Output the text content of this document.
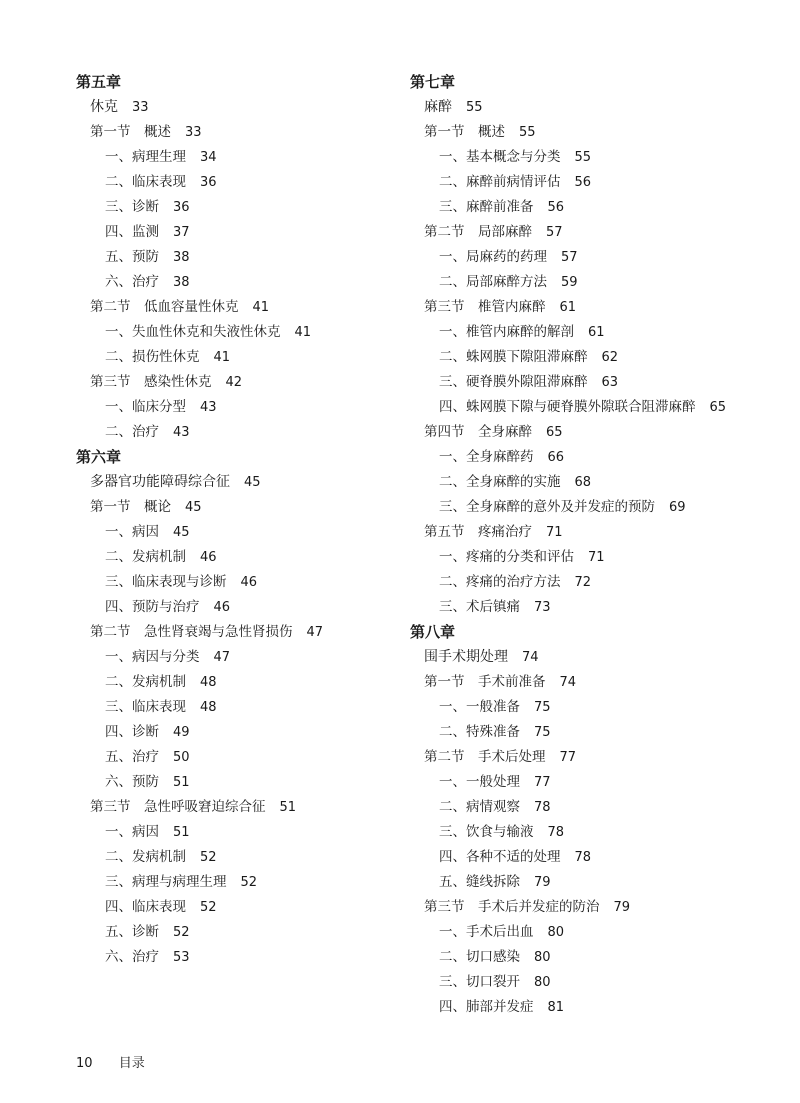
第五章
休克 33
第一节　概述 33
一、病理生理 34
二、临床表现 36
三、诊断 36
四、监测 37
五、预防 38
六、治疗 38
第二节　低血容量性休克 41
一、失血性休克和失液性休克 41
二、损伤性休克 41
第三节　感染性休克 42
一、临床分型 43
二、治疗 43
第六章
多器官功能障碍综合征 45
第一节　概论 45
一、病因 45
二、发病机制 46
三、临床表现与诊断 46
四、预防与治疗 46
第二节　急性肾衰竭与急性肾损伤 47
一、病因与分类 47
二、发病机制 48
三、临床表现 48
四、诊断 49
五、治疗 50
六、预防 51
第三节　急性呼吸窘迫综合征 51
一、病因 51
二、发病机制 52
三、病理与病理生理 52
四、临床表现 52
五、诊断 52
六、治疗 53
第七章
麻醉 55
第一节　概述 55
一、基本概念与分类 55
二、麻醉前病情评估 56
三、麻醉前准备 56
第二节　局部麻醉 57
一、局麻药的药理 57
二、局部麻醉方法 59
第三节　椎管内麻醉 61
一、椎管内麻醉的解剖 61
二、蛛网膜下隙阻滞麻醉 62
三、硬脊膜外隙阻滞麻醉 63
四、蛛网膜下隙与硬脊膜外隙联合阻滞麻醉 65
第四节　全身麻醉 65
一、全身麻醉药 66
二、全身麻醉的实施 68
三、全身麻醉的意外及并发症的预防 69
第五节　疼痛治疗 71
一、疼痛的分类和评估 71
二、疼痛的治疗方法 72
三、术后镇痛 73
第八章
围手术期处理 74
第一节　手术前准备 74
一、一般准备 75
二、特殊准备 75
第二节　手术后处理 77
一、一般处理 77
二、病情观察 78
三、饮食与输液 78
四、各种不适的处理 78
五、缝线拆除 79
第三节　手术后并发症的防治 79
一、手术后出血 80
二、切口感染 80
三、切口裂开 80
四、肺部并发症 81
10 目录
